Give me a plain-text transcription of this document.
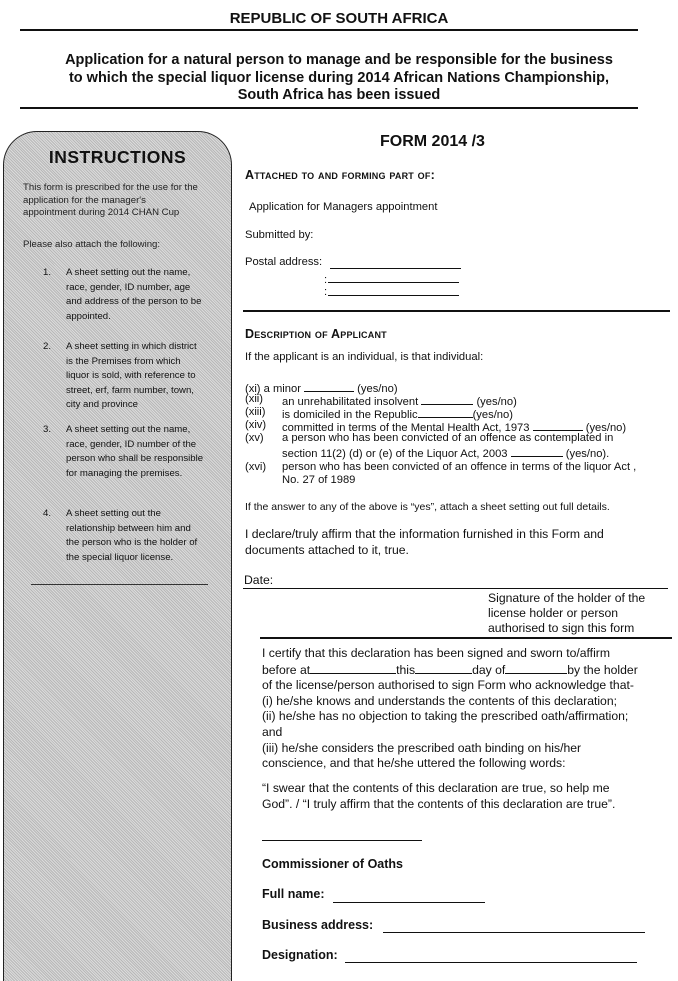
REPUBLIC OF SOUTH AFRICA
Application for a natural person to manage and be responsible for the business
to which the special liquor license during 2014 African Nations Championship,
South Africa has been issued
INSTRUCTIONS
This form is prescribed for the use for the
application for the manager's
appointment during 2014 CHAN Cup
Please also attach the following:
1. A sheet setting out the name,
race, gender, ID number, age
and address of the person to be
appointed.
2. A sheet setting in which district
is the Premises from which
liquor is sold, with reference to
street, erf, farm number, town,
city and province
3. A sheet setting out the name,
race, gender, ID number of the
person who shall be responsible
for managing the premises.
4. A sheet setting out the
relationship between him and
the person who is the holder of
the special liquor license.
FORM 2014 /3
Attached to and forming part of:
Application for Managers appointment
Submitted by:
Postal address:
:
:
Description of Applicant
If the applicant is an individual, is that individual:
(xi) a minor	(yes/no)
(xii) an unrehabilitated insolvent	(yes/no)
(xiii) is domiciled in the Republic	(yes/no)
(xiv) committed in terms of the Mental Health Act, 1973	(yes/no)
(xv) a person who has been convicted of an offence as contemplated in
section 11(2) (d) or (e) of the Liquor Act, 2003	(yes/no).
(xvi) person who has been convicted of an offence in terms of the liquor Act ,
No. 27 of 1989
If the answer to any of the above is “yes”, attach a sheet setting out full details.
I declare/truly affirm that the information furnished in this Form and
documents attached to it, true.
Date:
Signature of the holder of the
license holder or person
authorised to sign this form
I certify that this declaration has been signed and sworn to/affirm
before at	this	day of	by the holder
of the license/person authorised to sign Form who acknowledge that-
(i) he/she knows and understands the contents of this declaration;
(ii) he/she has no objection to taking the prescribed oath/affirmation;
and
(iii) he/she considers the prescribed oath binding on his/her
conscience, and that he/she uttered the following words:
“I swear that the contents of this declaration are true, so help me
God”. / “I truly affirm that the contents of this declaration are true”.
Commissioner of Oaths
Full name:
Business address:
Designation:
